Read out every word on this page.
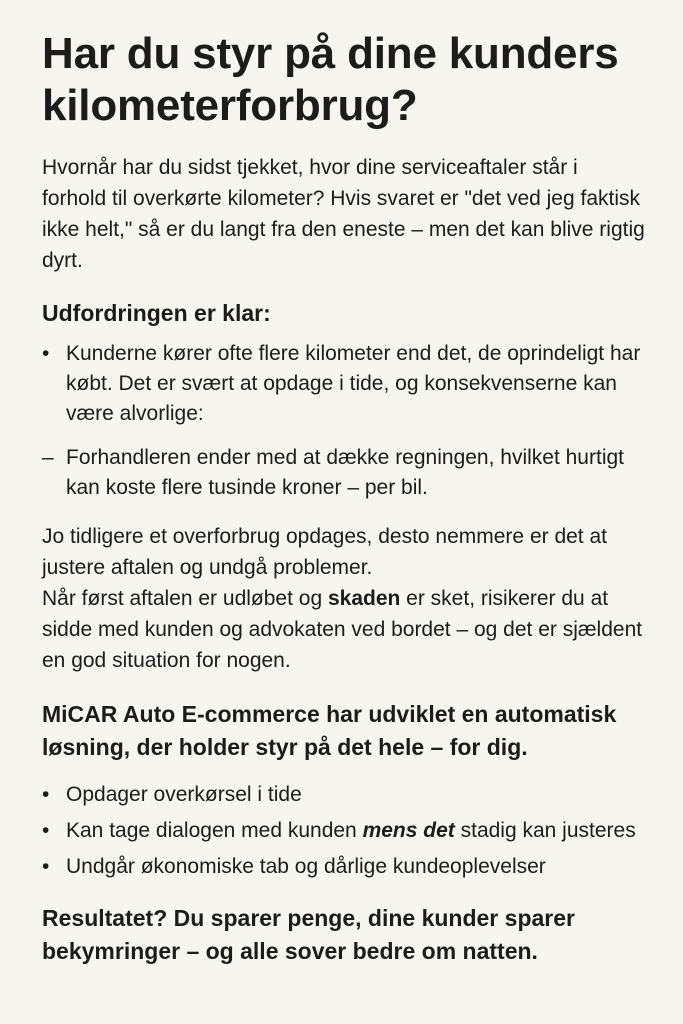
Har du styr på dine kunders kilometerforbrug?

Hvornår har du sidst tjekket, hvor dine serviceaftaler står i forhold til overkørte kilometer? Hvis svaret er "det ved jeg faktisk ikke helt," så er du langt fra den eneste – men det kan blive rigtig dyrt.

Udfordringen er klar:
• Kunderne kører ofte flere kilometer end det, de oprindeligt har købt. Det er svært at opdage i tide, og konsekvenserne kan være alvorlige:
– Forhandleren ender med at dække regningen, hvilket hurtigt kan koste flere tusinde kroner – per bil.

Jo tidligere et overforbrug opdages, desto nemmere er det at justere aftalen og undgå problemer.

Når først aftalen er udløbet og skaden er sket, risikerer du at sidde med kunden og advokaten ved bordet – og det er sjældent en god situation for nogen.

MiCAR Auto E-commerce har udviklet en automatisk løsning, der holder styr på det hele – for dig.
• Opdager overkørsel i tide
• Kan tage dialogen med kunden mens det stadig kan justeres
• Undgår økonomiske tab og dårlige kundeoplevelser

Resultatet? Du sparer penge, dine kunder sparer bekymringer – og alle sover bedre om natten.
